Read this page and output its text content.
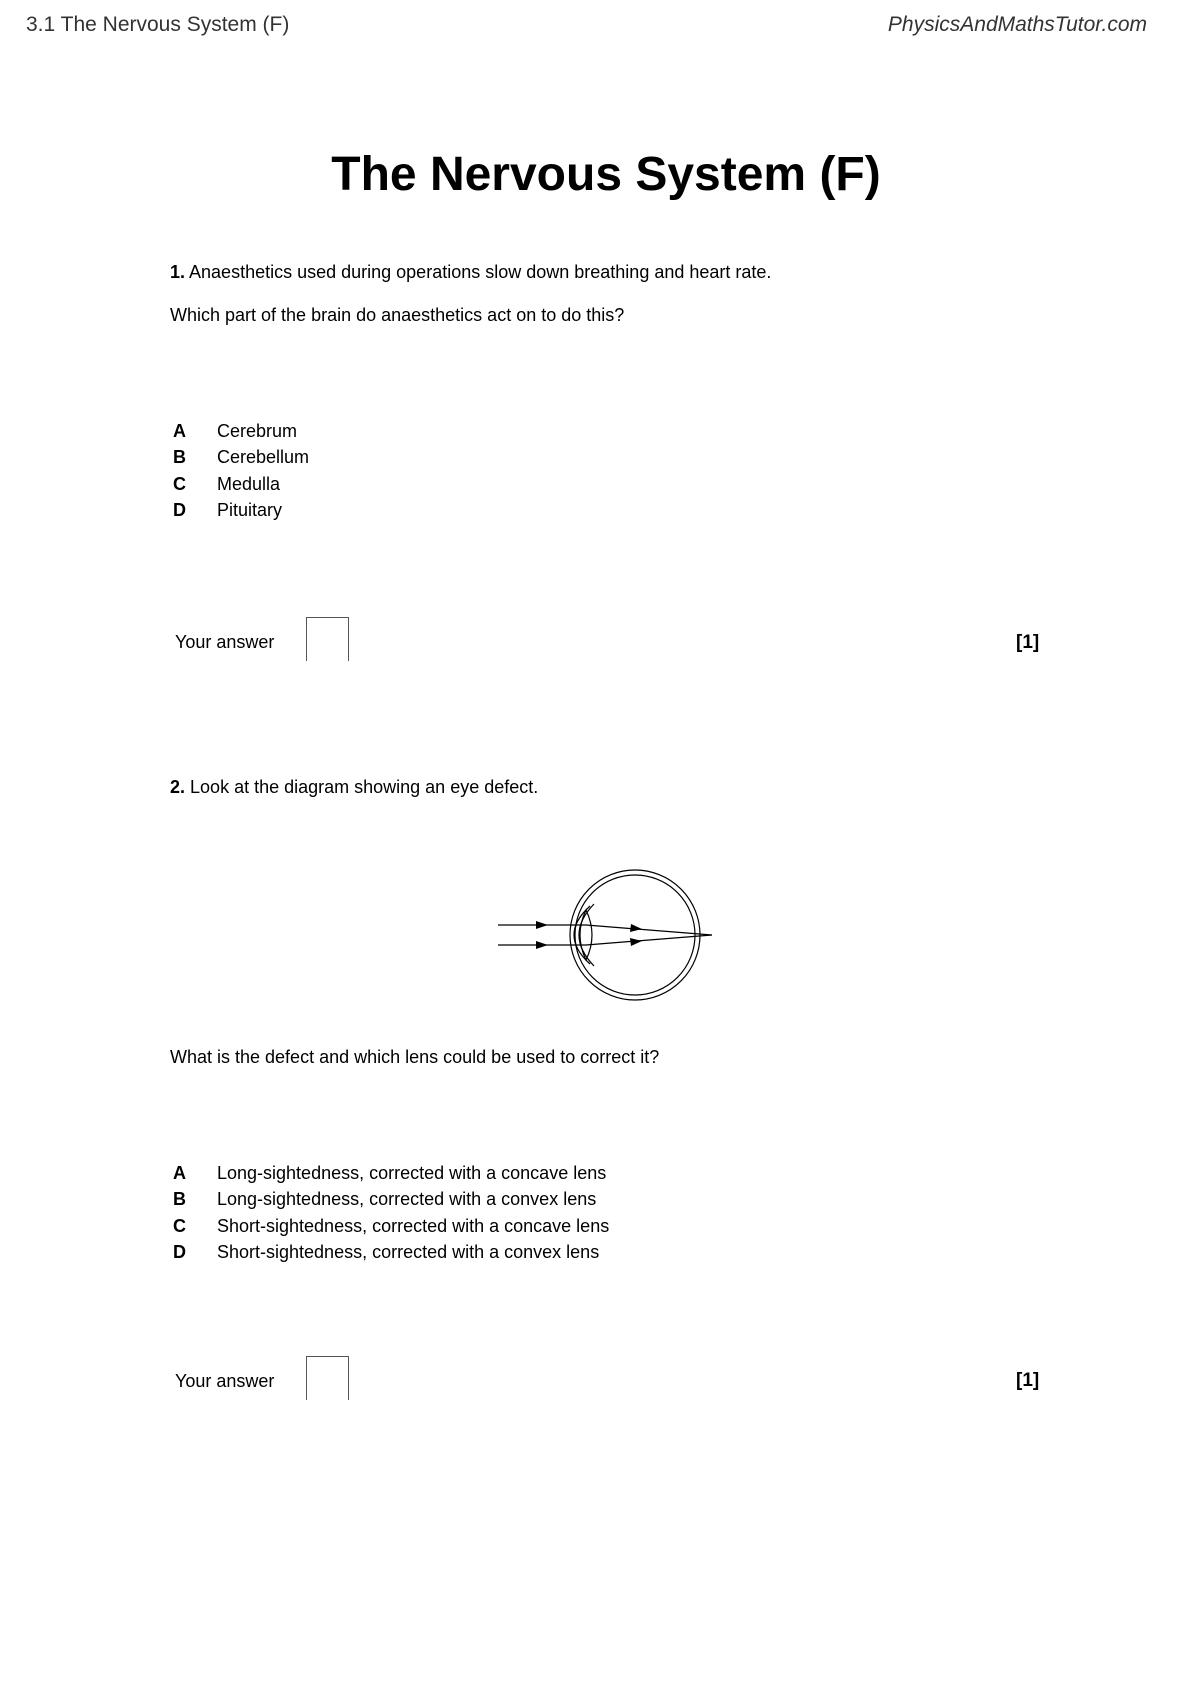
3.1 The Nervous System (F)	PhysicsAndMathsTutor.com
The Nervous System (F)
1. Anaesthetics used during operations slow down breathing and heart rate.
Which part of the brain do anaesthetics act on to do this?
A Cerebrum
B Cerebellum
C Medulla
D Pituitary
Your answer	[1]
2. Look at the diagram showing an eye defect.
What is the defect and which lens could be used to correct it?
A Long-sightedness, corrected with a concave lens
B Long-sightedness, corrected with a convex lens
C Short-sightedness, corrected with a concave lens
D Short-sightedness, corrected with a convex lens
Your answer	[1]
